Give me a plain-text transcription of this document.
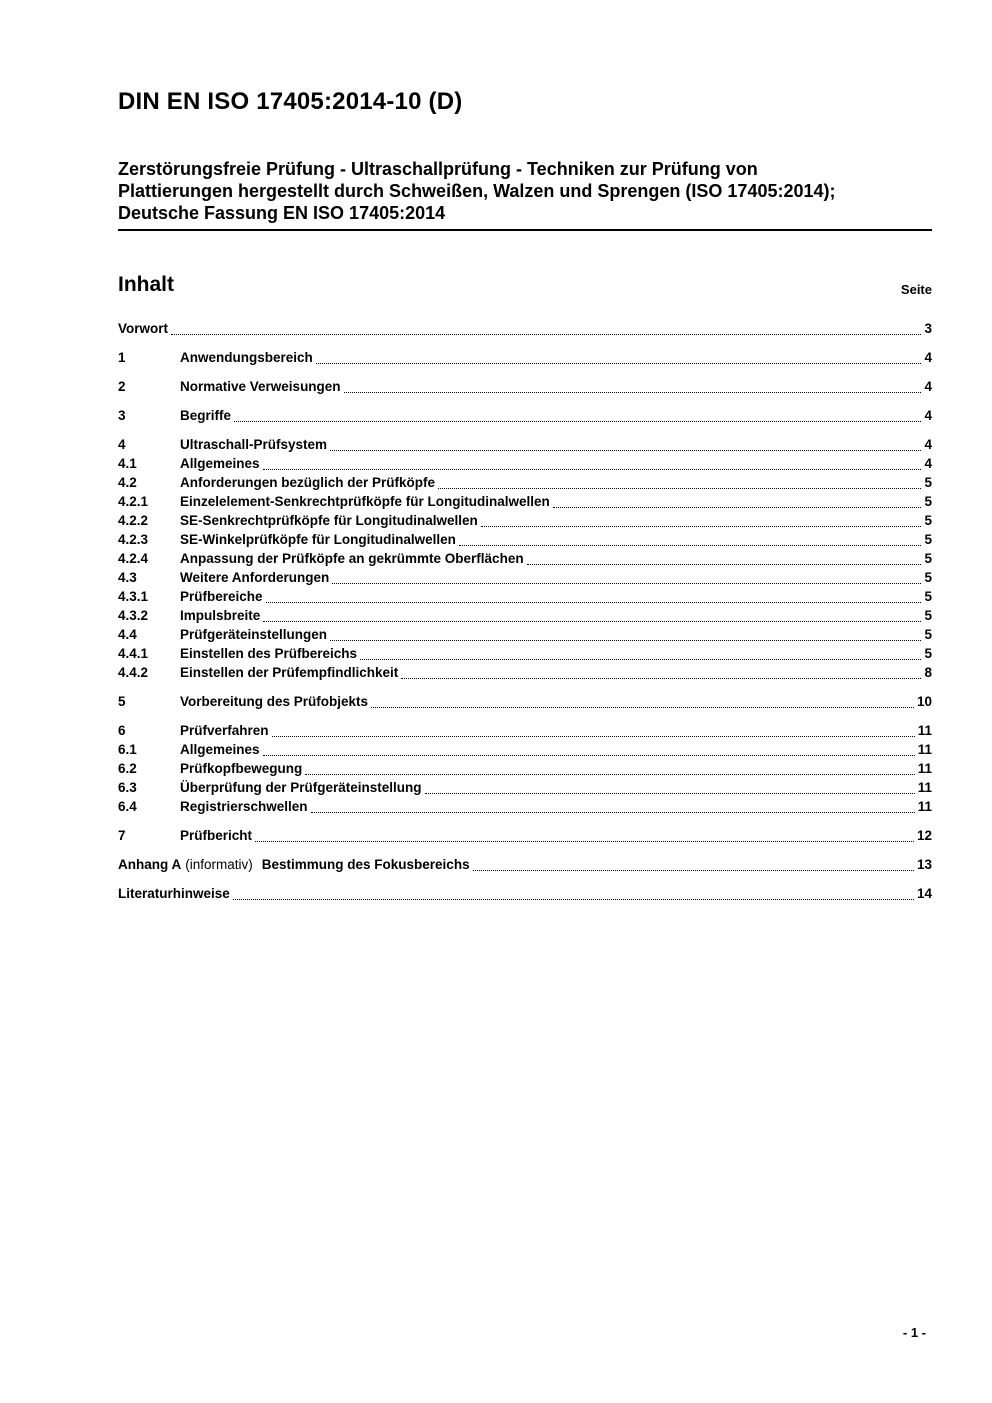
DIN EN ISO 17405:2014-10 (D)
Zerstörungsfreie Prüfung - Ultraschallprüfung - Techniken zur Prüfung von
Plattierungen hergestellt durch Schweißen, Walzen und Sprengen (ISO 17405:2014);
Deutsche Fassung EN ISO 17405:2014
Inhalt	Seite
Vorwort	3
1	Anwendungsbereich	4
2	Normative Verweisungen	4
3	Begriffe	4
4	Ultraschall-Prüfsystem	4
4.1	Allgemeines	4
4.2	Anforderungen bezüglich der Prüfköpfe	5
4.2.1	Einzelelement-Senkrechtprüfköpfe für Longitudinalwellen	5
4.2.2	SE-Senkrechtprüfköpfe für Longitudinalwellen	5
4.2.3	SE-Winkelprüfköpfe für Longitudinalwellen	5
4.2.4	Anpassung der Prüfköpfe an gekrümmte Oberflächen	5
4.3	Weitere Anforderungen	5
4.3.1	Prüfbereiche	5
4.3.2	Impulsbreite	5
4.4	Prüfgeräteinstellungen	5
4.4.1	Einstellen des Prüfbereichs	5
4.4.2	Einstellen der Prüfempfindlichkeit	8
5	Vorbereitung des Prüfobjekts	10
6	Prüfverfahren	11
6.1	Allgemeines	11
6.2	Prüfkopfbewegung	11
6.3	Überprüfung der Prüfgeräteinstellung	11
6.4	Registrierschwellen	11
7	Prüfbericht	12
Anhang A (informativ) Bestimmung des Fokusbereichs	13
Literaturhinweise	14
- 1 -
